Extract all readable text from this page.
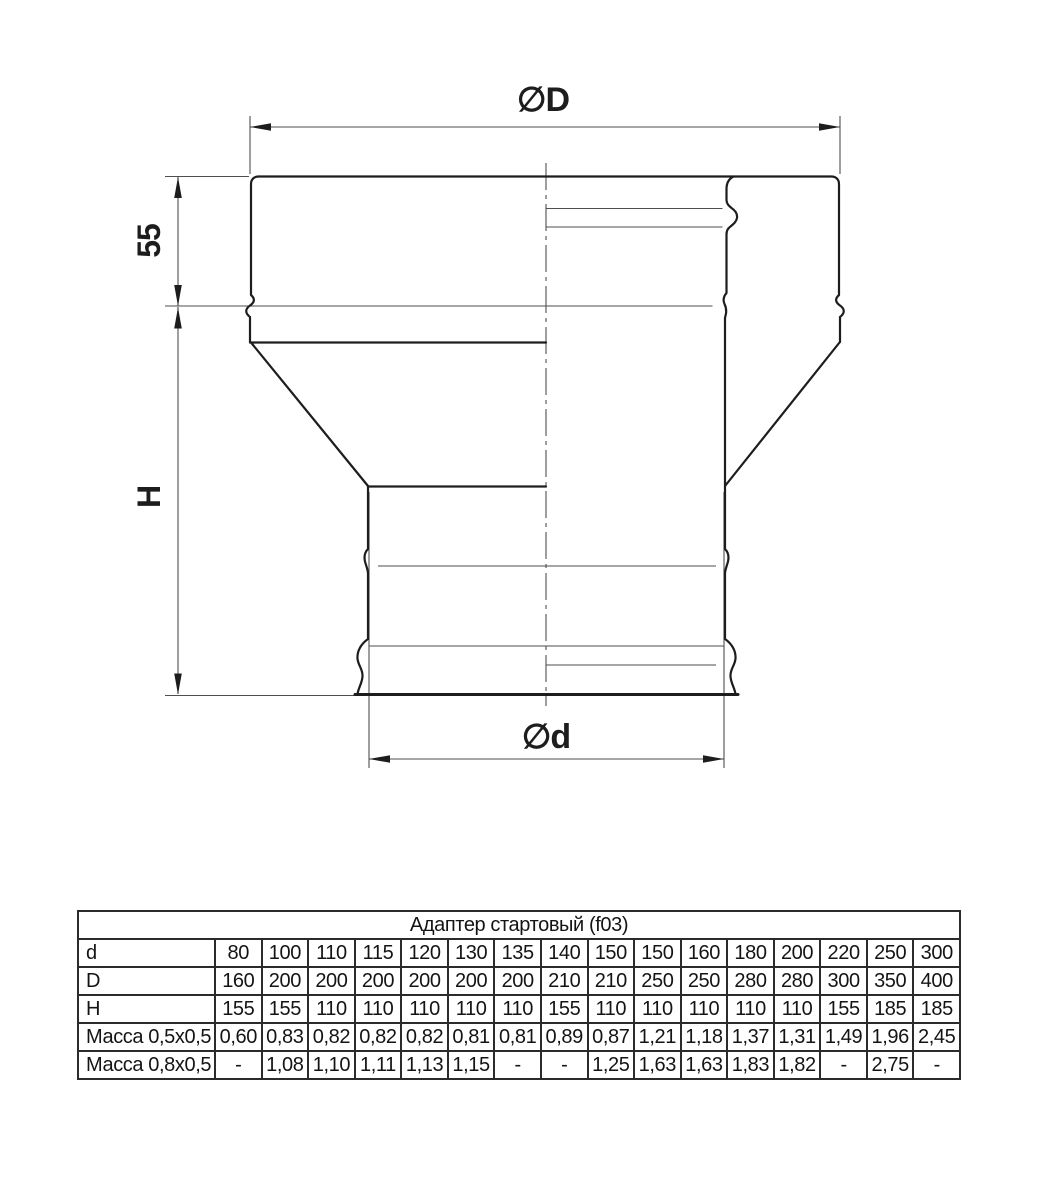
∅D
55
H
∅d
Адаптер стартовый (f03)																
d	80	100	110	115	120	130	135	140	150	150	160	180	200	220	250	300
D	160	200	200	200	200	200	200	210	210	250	250	280	280	300	350	400
H	155	155	110	110	110	110	110	155	110	110	110	110	110	155	185	185
Масса 0,5x0,5	0,60	0,83	0,82	0,82	0,82	0,81	0,81	0,89	0,87	1,21	1,18	1,37	1,31	1,49	1,96	2,45
Масса 0,8x0,5	-	1,08	1,10	1,11	1,13	1,15	-	-	1,25	1,63	1,63	1,83	1,82	-	2,75	-
